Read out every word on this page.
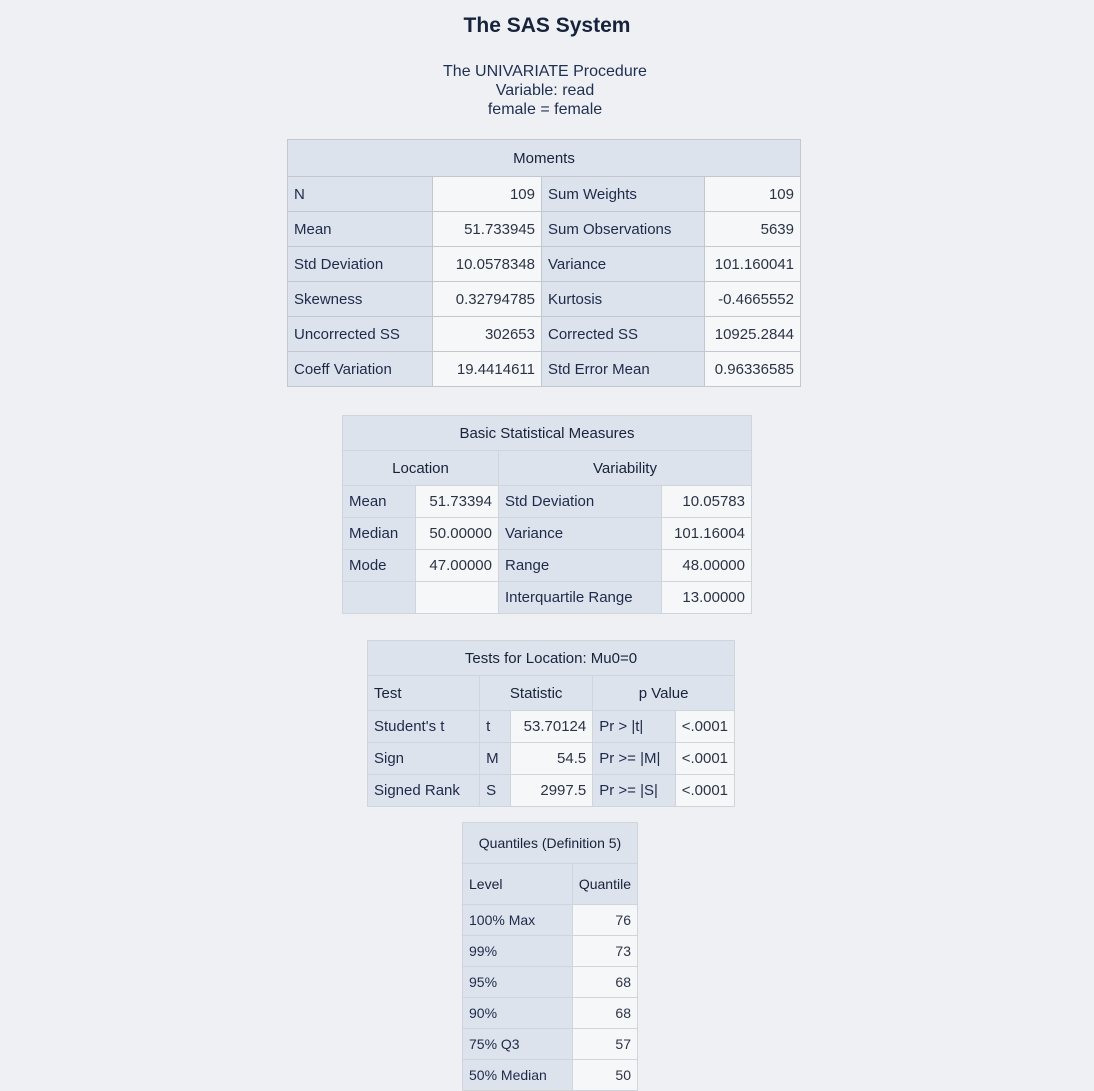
The SAS System
The UNIVARIATE Procedure
Variable: read
female = female
Moments			
N	109	Sum Weights	109
Mean	51.733945	Sum Observations	5639
Std Deviation	10.0578348	Variance	101.160041
Skewness	0.32794785	Kurtosis	-0.4665552
Uncorrected SS	302653	Corrected SS	10925.2844
Coeff Variation	19.4414611	Std Error Mean	0.96336585
Basic Statistical Measures			
Location		Variability	
Mean	51.73394	Std Deviation	10.05783
Median	50.00000	Variance	101.16004
Mode	47.00000	Range	48.00000
		Interquartile Range	13.00000
Tests for Location: Mu0=0				
Test	Statistic		p Value	
Student's t	t	53.70124	Pr > |t|	<.0001
Sign	M	54.5	Pr >= |M|	<.0001
Signed Rank	S	2997.5	Pr >= |S|	<.0001
Quantiles (Definition 5)	
Level	Quantile
100% Max	76
99%	73
95%	68
90%	68
75% Q3	57
50% Median	50
